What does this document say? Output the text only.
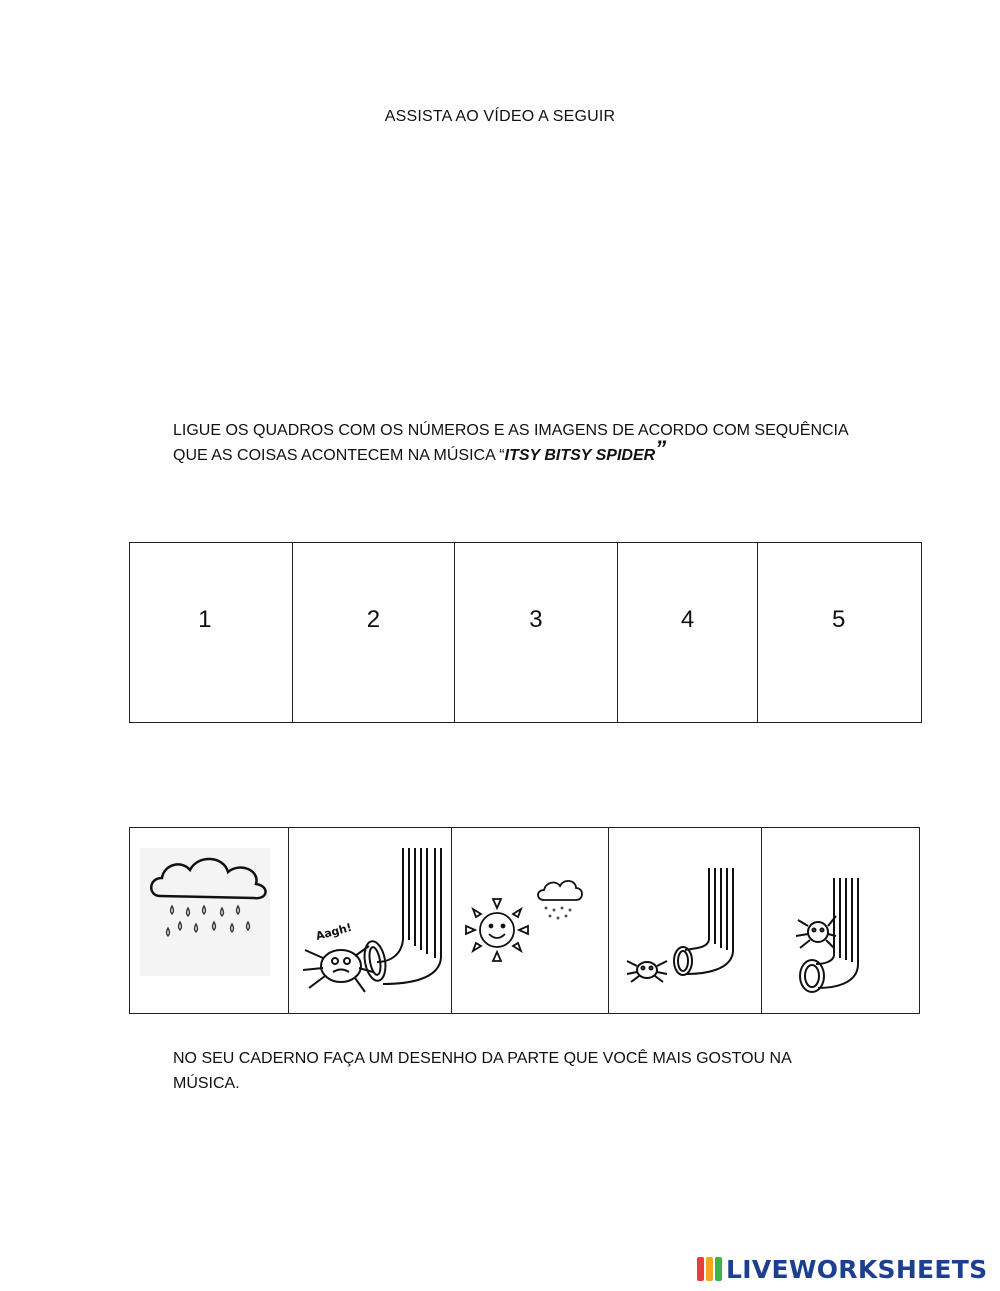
ASSISTA AO VÍDEO A SEGUIR
LIGUE OS QUADROS COM OS NÚMEROS E AS IMAGENS DE ACORDO COM SEQUÊNCIA QUE AS COISAS ACONTECEM NA MÚSICA “ITSY BITSY SPIDER”
1	2	3	4	5
Aagh!
NO SEU CADERNO FAÇA UM DESENHO DA PARTE QUE VOCÊ MAIS GOSTOU NA MÚSICA.
LIVEWORKSHEETS
